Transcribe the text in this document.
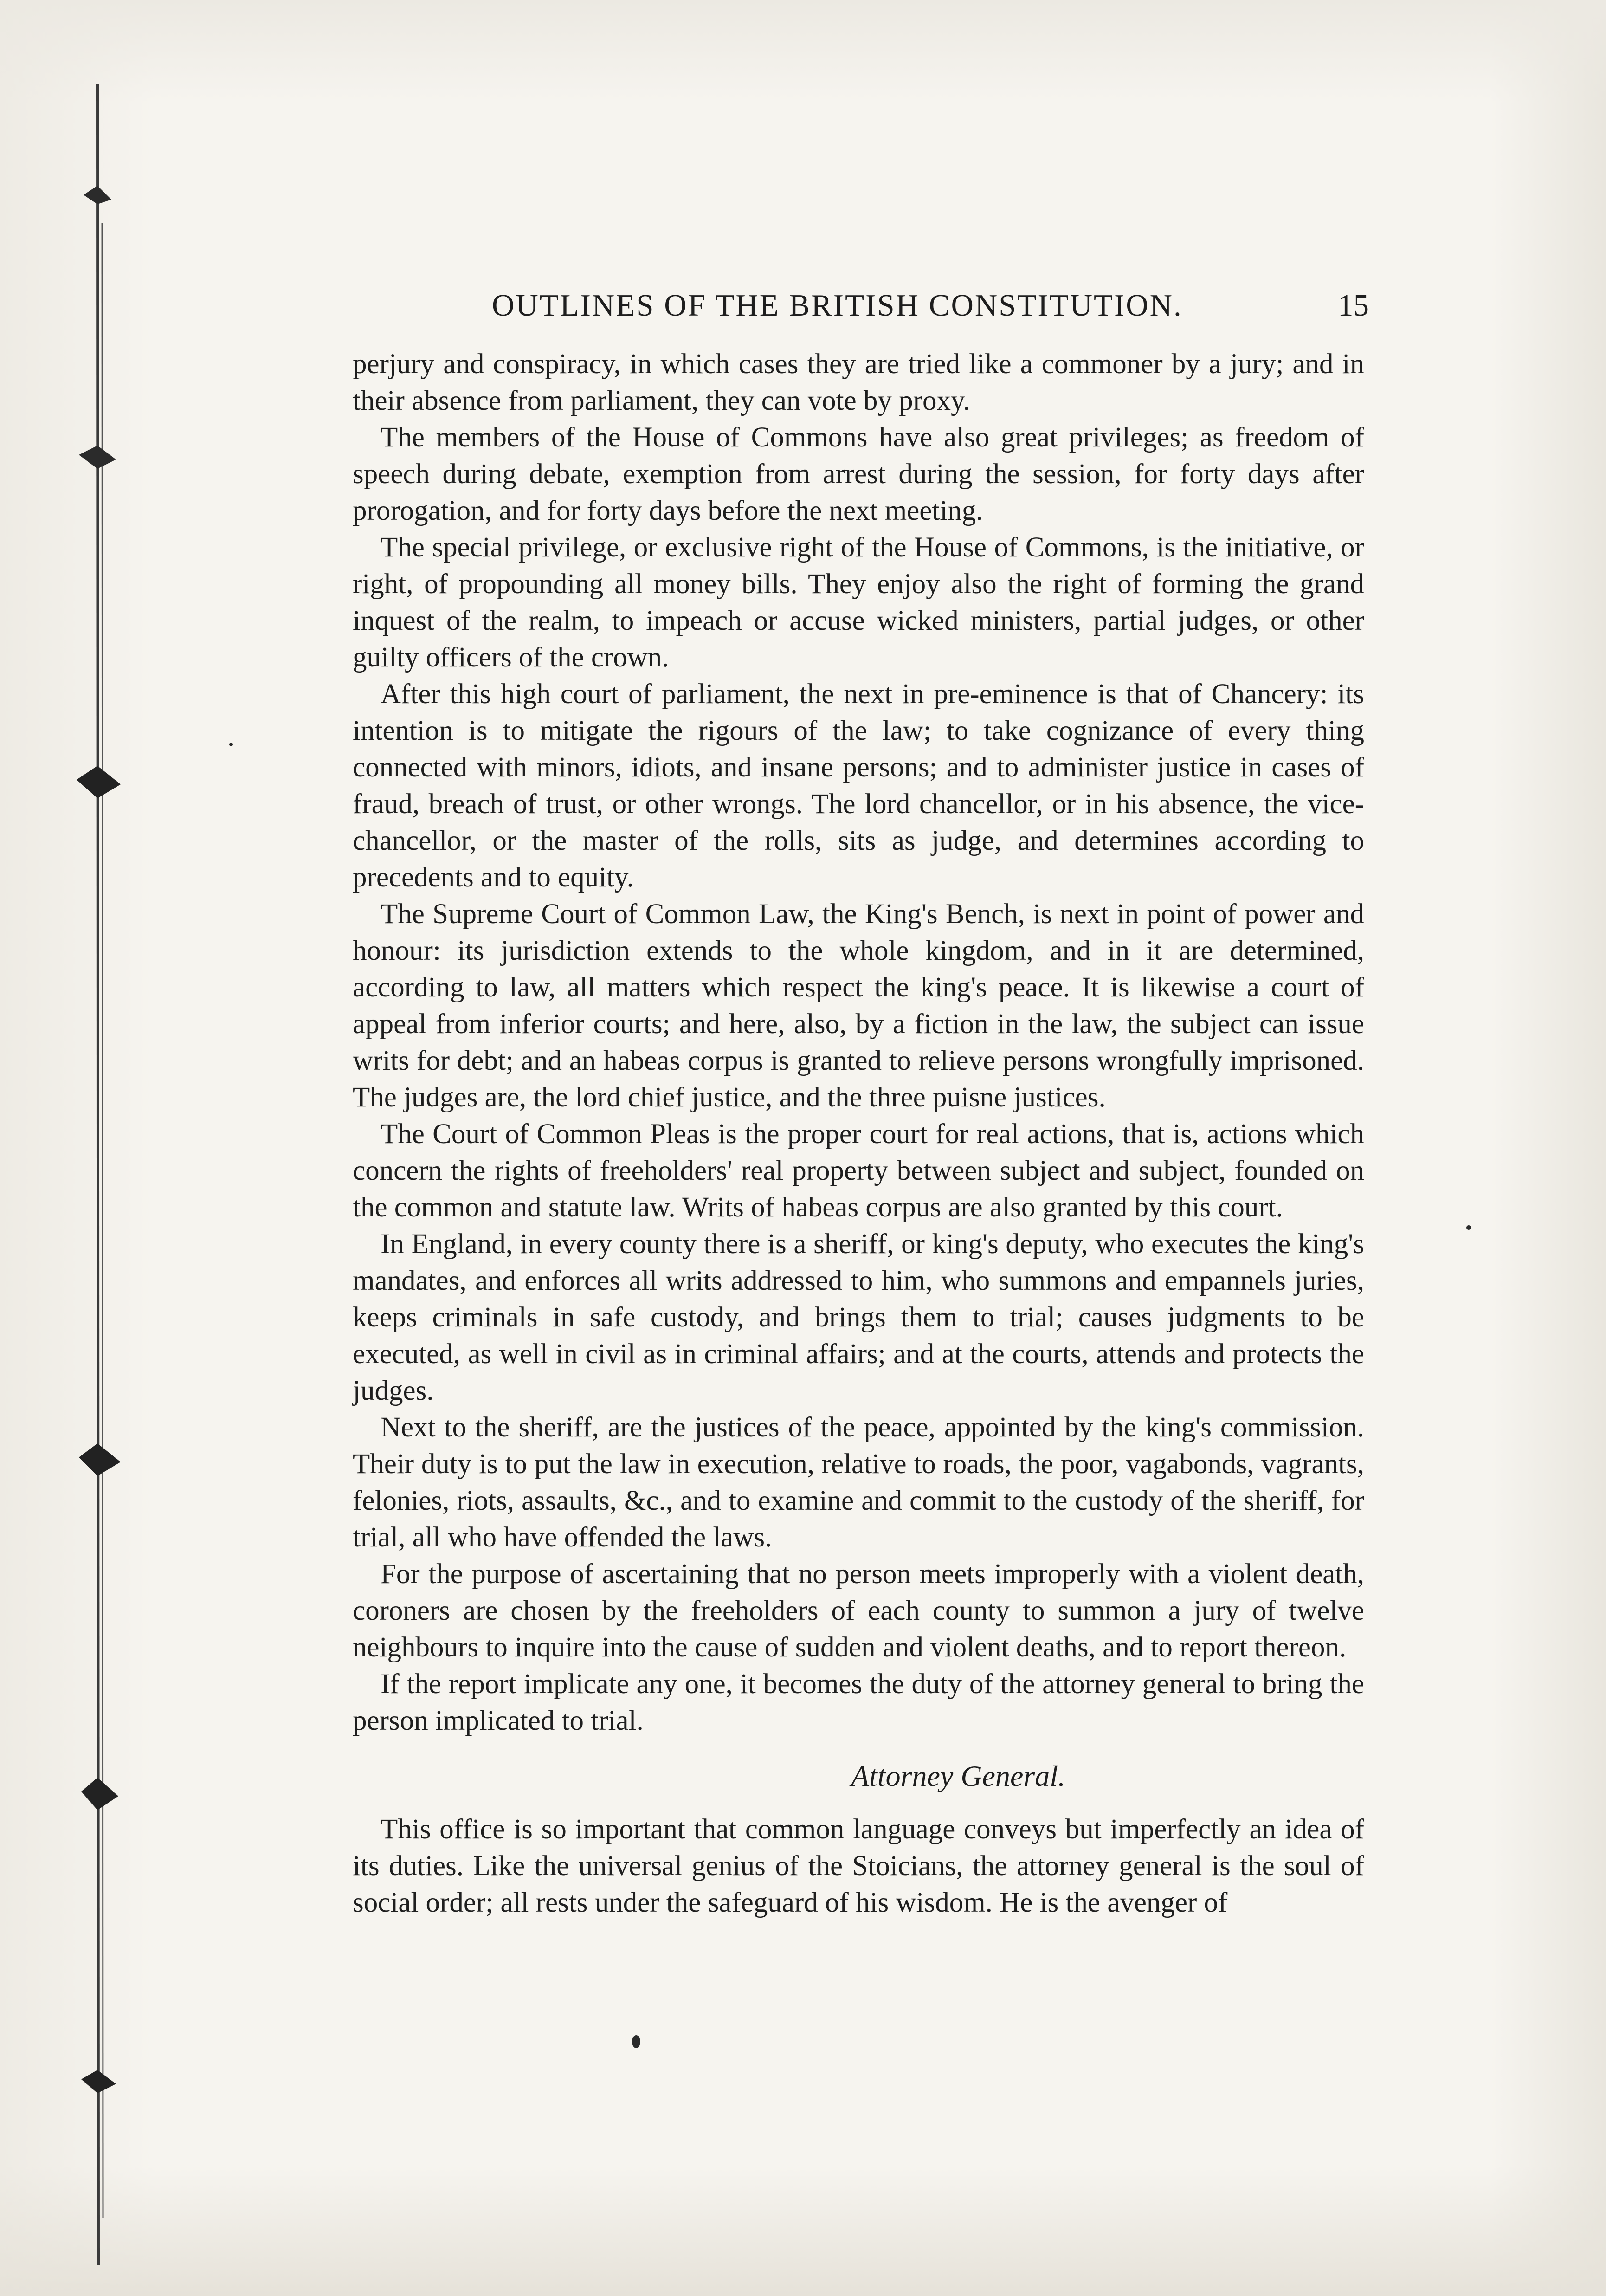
OUTLINES OF THE BRITISH CONSTITUTION.	15

perjury and conspiracy, in which cases they are tried like a commoner by a jury; and in their absence from parliament, they can vote by proxy.

The members of the House of Commons have also great privileges; as freedom of speech during debate, exemption from arrest during the session, for forty days after prorogation, and for forty days before the next meeting.

The special privilege, or exclusive right of the House of Commons, is the initiative, or right, of propounding all money bills. They enjoy also the right of forming the grand inquest of the realm, to impeach or accuse wicked ministers, partial judges, or other guilty officers of the crown.

After this high court of parliament, the next in pre-eminence is that of Chancery: its intention is to mitigate the rigours of the law; to take cognizance of every thing connected with minors, idiots, and insane persons; and to administer justice in cases of fraud, breach of trust, or other wrongs. The lord chancellor, or in his absence, the vice-chancellor, or the master of the rolls, sits as judge, and determines according to precedents and to equity.

The Supreme Court of Common Law, the King's Bench, is next in point of power and honour: its jurisdiction extends to the whole kingdom, and in it are determined, according to law, all matters which respect the king's peace. It is likewise a court of appeal from inferior courts; and here, also, by a fiction in the law, the subject can issue writs for debt; and an habeas corpus is granted to relieve persons wrongfully imprisoned. The judges are, the lord chief justice, and the three puisne justices.

The Court of Common Pleas is the proper court for real actions, that is, actions which concern the rights of freeholders' real property between subject and subject, founded on the common and statute law. Writs of habeas corpus are also granted by this court.

In England, in every county there is a sheriff, or king's deputy, who executes the king's mandates, and enforces all writs addressed to him, who summons and empannels juries, keeps criminals in safe custody, and brings them to trial; causes judgments to be executed, as well in civil as in criminal affairs; and at the courts, attends and protects the judges.

Next to the sheriff, are the justices of the peace, appointed by the king's commission. Their duty is to put the law in execution, relative to roads, the poor, vagabonds, vagrants, felonies, riots, assaults, &c., and to examine and commit to the custody of the sheriff, for trial, all who have offended the laws.

For the purpose of ascertaining that no person meets improperly with a violent death, coroners are chosen by the freeholders of each county to summon a jury of twelve neighbours to inquire into the cause of sudden and violent deaths, and to report thereon.

If the report implicate any one, it becomes the duty of the attorney general to bring the person implicated to trial.

Attorney General.

This office is so important that common language conveys but imperfectly an idea of its duties. Like the universal genius of the Stoicians, the attorney general is the soul of social order; all rests under the safeguard of his wisdom. He is the avenger of
